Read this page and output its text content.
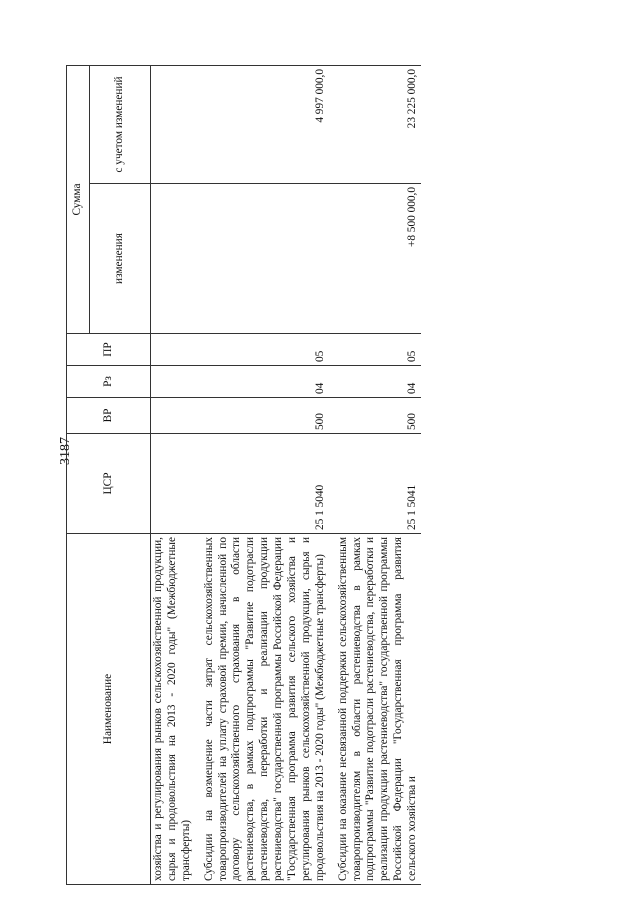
3187
Наименование	ЦСР	ВР	Рз	ПР	Сумма	
					изменения	с учетом изменений
хозяйства и регулирования рынков сельскохозяйственной продукции, сырья и продовольствия на 2013 - 2020 годы" (Межбюджетные трансферты)						
Субсидии на возмещение части затрат сельскохозяйственных товаропроизводителей на уплату страховой премии, начисленной по договору сельскохозяйственного страхования в области растениеводства, в рамках подпрограммы "Развитие подотрасли растениеводства, переработки и реализации продукции растениеводства" государственной программы Российской Федерации "Государственная программа развития сельского хозяйства и регулирования рынков сельскохозяйственной продукции, сырья и продовольствия на 2013 - 2020 годы" (Межбюджетные трансферты)	25 1 5040	500	04	05		4 997 000,0
Субсидии на оказание несвязанной поддержки сельскохозяйственным товаропроизводителям в области растениеводства в рамках подпрограммы "Развитие подотрасли растениеводства, переработки и реализации продукции растениеводства" государственной программы Российской Федерации "Государственная программа развития сельского хозяйства и	25 1 5041	500	04	05	+8 500 000,0	23 225 000,0
